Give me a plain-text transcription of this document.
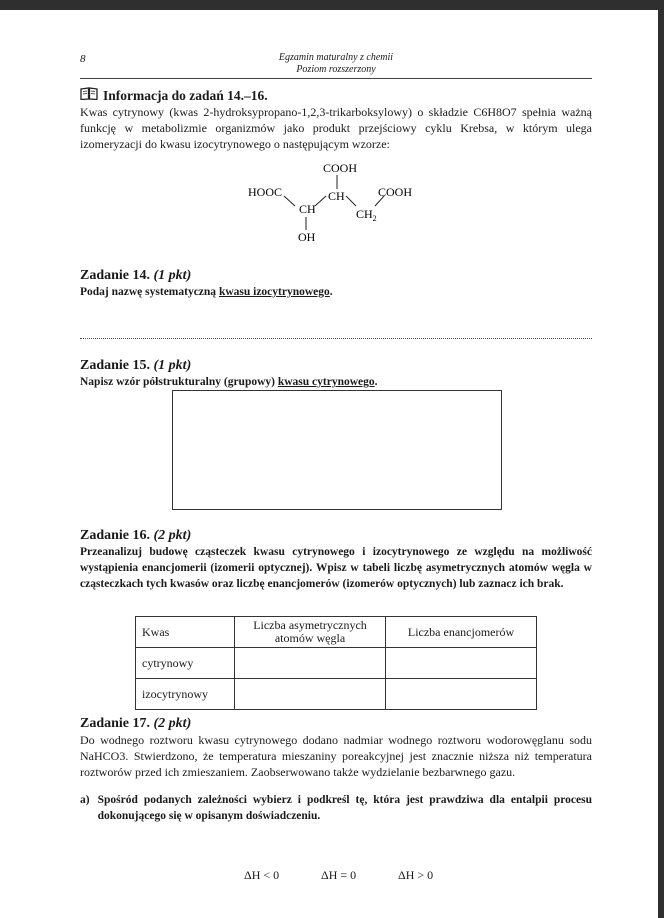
8	Egzamin maturalny z chemii
Poziom rozszerzony
Informacja do zadań 14.–16.

Kwas cytrynowy (kwas 2-hydroksypropano-1,2,3-trikarboksylowy) o składzie C6H8O7 spełnia ważną funkcję w metabolizmie organizmów jako produkt przejściowy cyklu Krebsa, w którym ulega izomeryzacji do kwasu izocytrynowego o następującym wzorze:

COOH
HOOC
CH
CH
$CH_2$
COOH
OH
Zadanie 14. (1 pkt)
Podaj nazwę systematyczną kwasu izocytrynowego.
Zadanie 15. (1 pkt)
Napisz wzór półstrukturalny (grupowy) kwasu cytrynowego.
Zadanie 16. (2 pkt)
Przeanalizuj budowę cząsteczek kwasu cytrynowego i izocytrynowego ze względu na możliwość wystąpienia enancjomerii (izomerii optycznej). Wpisz w tabeli liczbę asymetrycznych atomów węgla w cząsteczkach tych kwasów oraz liczbę enancjomerów (izomerów optycznych) lub zaznacz ich brak.
Kwas	Liczba asymetrycznych atomów węgla	Liczba enancjomerów
cytrynowy		
izocytrynowy		
Zadanie 17. (2 pkt)

Do wodnego roztworu kwasu cytrynowego dodano nadmiar wodnego roztworu wodorowęglanu sodu NaHCO3. Stwierdzono, że temperatura mieszaniny poreakcyjnej jest znacznie niższa niż temperatura roztworów przed ich zmieszaniem. Zaobserwowano także wydzielanie bezbarwnego gazu.

a) Spośród podanych zależności wybierz i podkreśl tę, która jest prawdziwa dla entalpii procesu dokonującego się w opisanym doświadczeniu.
ΔH < 0	ΔH = 0	ΔH > 0
